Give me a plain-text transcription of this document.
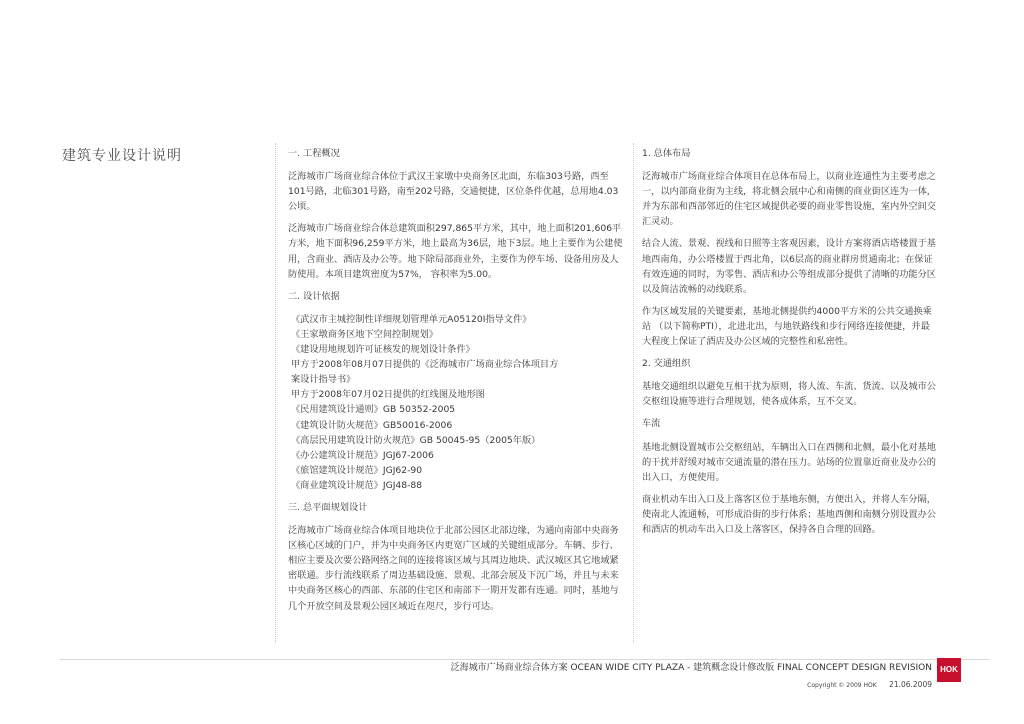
建筑专业设计说明	一. 工程概况

泛海城市广场商业综合体位于武汉王家墩中央商务区北面，东临303号路，西至101号路，北临301号路，南至202号路，交通便捷，区位条件优越，总用地4.03公顷。

泛海城市广场商业综合体总建筑面积297,865平方米，其中，地上面积201,606平方米，地下面积96,259平方米，地上最高为36层，地下3层。地上主要作为公建使用，含商业、酒店及办公等。地下除局部商业外，主要作为停车场、设备用房及人防使用。本项目建筑密度为57%， 容积率为5.00。

二. 设计依据

《武汉市主城控制性详细规划管理单元A05120I指导文件》
《王家墩商务区地下空间控制规划》
《建设用地规划许可证核发的规划设计条件》
甲方于2008年08月07日提供的《泛海城市广场商业综合体项目方
案设计指导书》
甲方于2008年07月02日提供的红线图及地形图
《民用建筑设计通则》GB 50352-2005
《建筑设计防火规范》GB50016-2006
《高层民用建筑设计防火规范》GB 50045-95（2005年版）
《办公建筑设计规范》JGJ67-2006
《旅馆建筑设计规范》JGJ62-90
《商业建筑设计规范》JGJ48-88

三. 总平面规划设计

泛海城市广场商业综合体项目地块位于北部公园区北部边缘，为通向南部中央商务区核心区域的门户，并为中央商务区内更宽广区域的关键组成部分。车辆、步行、相应主要及次要公路网络之间的连接将该区域与其周边地块、武汉城区其它地域紧密联通。步行流线联系了周边基础设施、景观、北部会展及下沉广场，并且与未来中央商务区核心的西部、东部的住宅区和南部下一期开发都有连通。同时，基地与几个开放空间及景观公园区域近在咫尺，步行可达。

1. 总体布局

泛海城市广场商业综合体项目在总体布局上，以商业连通性为主要考虑之一，以内部商业街为主线，将北侧会展中心和南侧的商业街区连为一体，并为东部和西部邻近的住宅区域提供必要的商业零售设施，室内外空间交汇灵动。

结合人流、景观、视线和日照等主客观因素，设计方案将酒店塔楼置于基地西南角，办公塔楼置于西北角，以6层高的商业群房贯通南北；在保证有效连通的同时，为零售、酒店和办公等组成部分提供了清晰的功能分区以及简洁流畅的动线联系。

作为区域发展的关键要素，基地北侧提供约4000平方米的公共交通换乘站 （以下简称PTI），北进北出，与地铁路线和步行网络连接便捷，并最大程度上保证了酒店及办公区域的完整性和私密性。

2. 交通组织

基地交通组织以避免互相干扰为原则，将人流、车流、货流、以及城市公交枢纽设施等进行合理规划，使各成体系，互不交叉。

车流

基地北侧设置城市公交枢纽站，车辆出入口在西侧和北侧，最小化对基地的干扰并舒缓对城市交通流量的潜在压力。站场的位置靠近商业及办公的出入口，方便使用。

商业机动车出入口及上落客区位于基地东侧，方便出入，并将人车分隔，使南北人流通畅，可形成沿街的步行体系；基地西侧和南侧分别设置办公和酒店的机动车出入口及上落客区，保持各自合理的回路。

泛海城市广场商业综合体方案 OCEAN WIDE CITY PLAZA - 建筑概念设计修改版 FINAL CONCEPT DESIGN REVISION
Copyright © 2009 HOK 21.06.2009
HOK
